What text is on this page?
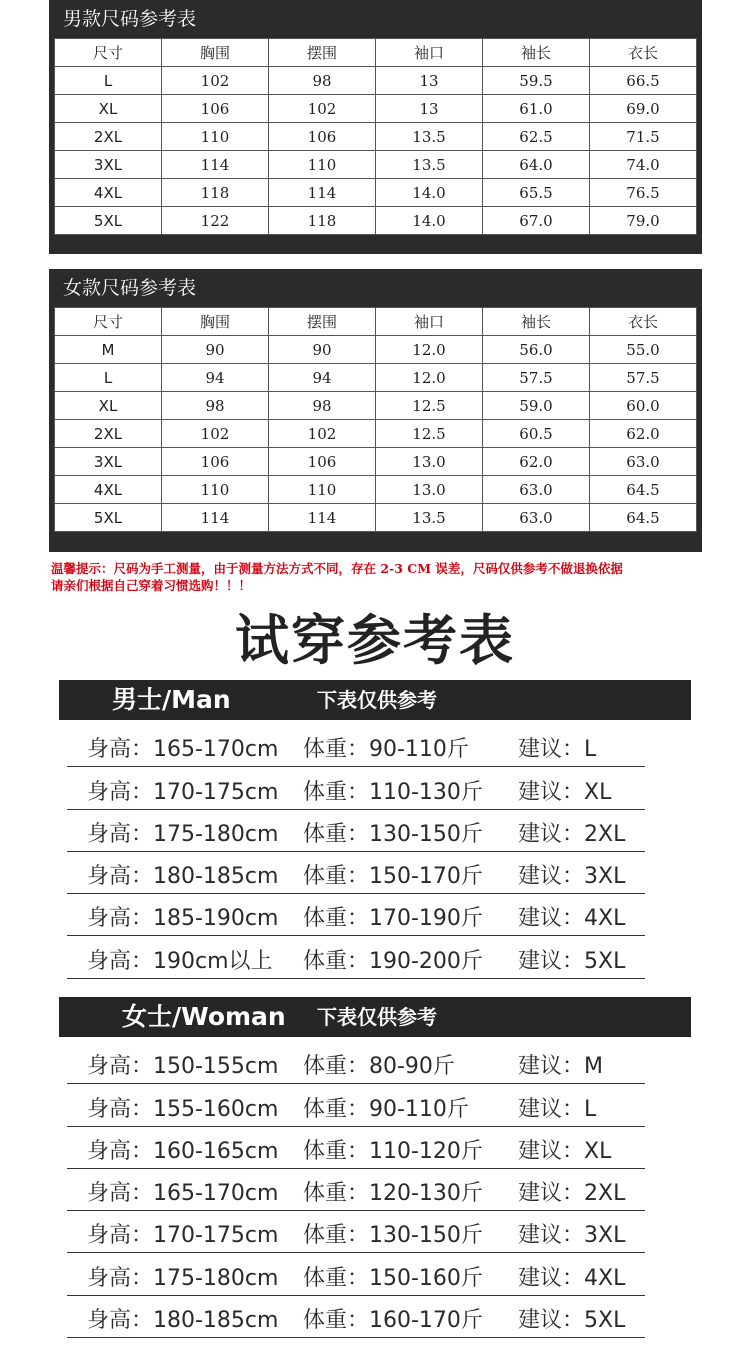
男款尺码参考表
尺寸	胸围	摆围	袖口	袖长	衣长
L	102	98	13	59.5	66.5
XL	106	102	13	61.0	69.0
2XL	110	106	13.5	62.5	71.5
3XL	114	110	13.5	64.0	74.0
4XL	118	114	14.0	65.5	76.5
5XL	122	118	14.0	67.0	79.0
女款尺码参考表
尺寸	胸围	摆围	袖口	袖长	衣长
M	90	90	12.0	56.0	55.0
L	94	94	12.0	57.5	57.5
XL	98	98	12.5	59.0	60.0
2XL	102	102	12.5	60.5	62.0
3XL	106	106	13.0	62.0	63.0
4XL	110	110	13.0	63.0	64.5
5XL	114	114	13.5	63.0	64.5
温馨提示：尺码为手工测量，由于测量方法方式不同，存在 2-3 CM 误差，尺码仅供参考不做退换依据
请亲们根据自己穿着习惯选购！！！
试穿参考表
男士/Man	下表仅供参考
身高：165-170cm 体重：90-110斤 建议：L
身高：170-175cm 体重：110-130斤 建议：XL
身高：175-180cm 体重：130-150斤 建议：2XL
身高：180-185cm 体重：150-170斤 建议：3XL
身高：185-190cm 体重：170-190斤 建议：4XL
身高：190cm以上 体重：190-200斤 建议：5XL
女士/Woman 下表仅供参考
身高：150-155cm 体重：80-90斤	建议：M
身高：155-160cm 体重：90-110斤 建议：L
身高：160-165cm 体重：110-120斤 建议：XL
身高：165-170cm 体重：120-130斤 建议：2XL
身高：170-175cm 体重：130-150斤 建议：3XL
身高：175-180cm 体重：150-160斤 建议：4XL
身高：180-185cm 体重：160-170斤 建议：5XL
